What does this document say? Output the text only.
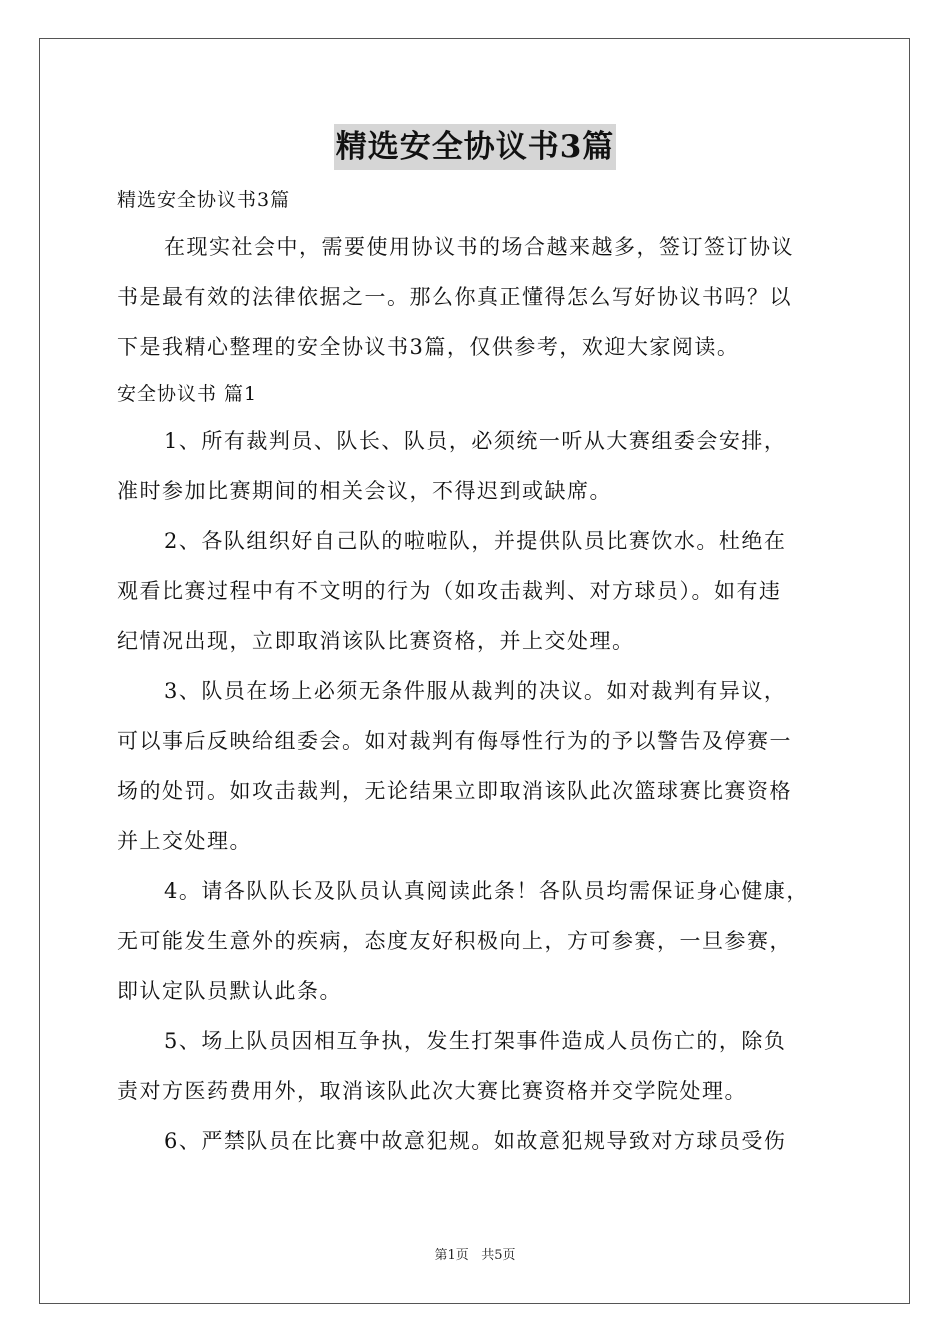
精选安全协议书3篇
精选安全协议书3篇
在现实社会中，需要使用协议书的场合越来越多，签订签订协议
书是最有效的法律依据之一。那么你真正懂得怎么写好协议书吗？以
下是我精心整理的安全协议书3篇，仅供参考，欢迎大家阅读。
安全协议书 篇1
1、所有裁判员、队长、队员，必须统一听从大赛组委会安排，
准时参加比赛期间的相关会议，不得迟到或缺席。
2、各队组织好自己队的啦啦队，并提供队员比赛饮水。杜绝在
观看比赛过程中有不文明的行为（如攻击裁判、对方球员）。如有违
纪情况出现，立即取消该队比赛资格，并上交处理。
3、队员在场上必须无条件服从裁判的决议。如对裁判有异议，
可以事后反映给组委会。如对裁判有侮辱性行为的予以警告及停赛一
场的处罚。如攻击裁判，无论结果立即取消该队此次篮球赛比赛资格
并上交处理。
4。请各队队长及队员认真阅读此条！各队员均需保证身心健康，
无可能发生意外的疾病，态度友好积极向上，方可参赛，一旦参赛，
即认定队员默认此条。
5、场上队员因相互争执，发生打架事件造成人员伤亡的，除负
责对方医药费用外，取消该队此次大赛比赛资格并交学院处理。
6、严禁队员在比赛中故意犯规。如故意犯规导致对方球员受伤
第1页 共5页
